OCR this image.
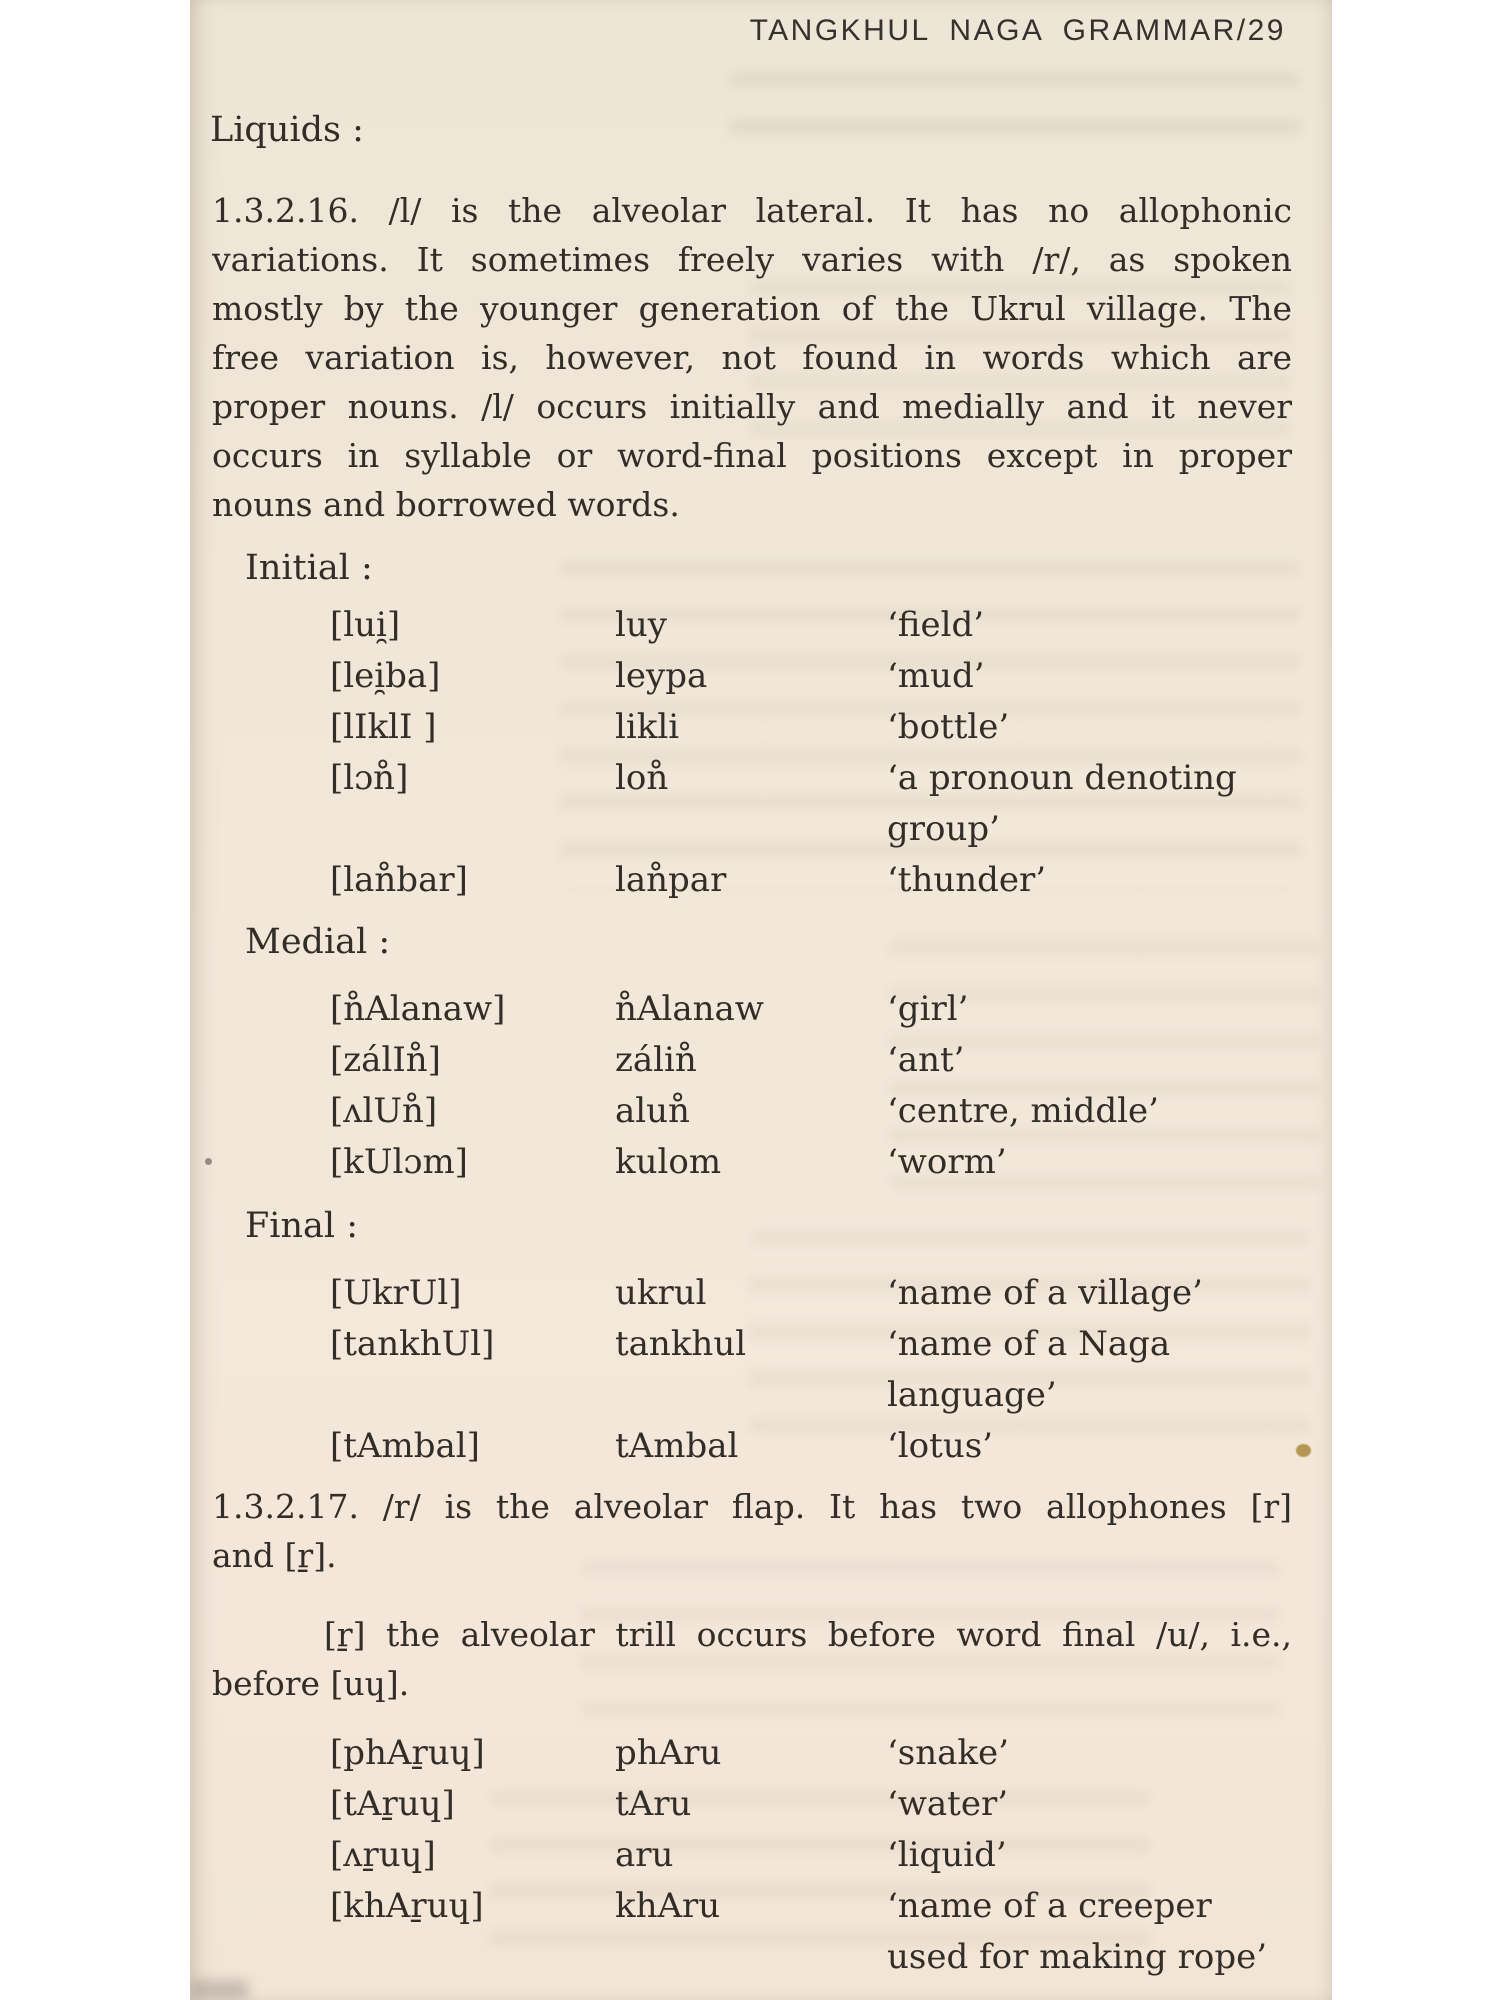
TANGKHUL NAGA GRAMMAR/29
Liquids :
1.3.2.16. /l/ is the alveolar lateral. It has no allophonic
variations. It sometimes freely varies with /r/, as spoken
mostly by the younger generation of the Ukrul village. The
free variation is, however, not found in words which are
proper nouns. /l/ occurs initially and medially and it never
occurs in syllable or word-final positions except in proper
nouns and borrowed words.
Initial :
[lui̯]	luy	‘field’
[lei̯ba]	leypa	‘mud’
[lIklI ]	likli	‘bottle’
[lɔn̊]	lon̊	‘a pronoun denoting group’
[lan̊bar]	lan̊par	‘thunder’
Medial :
[n̊Alanaw]	n̊Alanaw	‘girl’
[zálIn̊]	zálin̊	‘ant’
[ʌlUn̊]	alun̊	‘centre, middle’
[kUlɔm]	kulom	‘worm’
Final :
[UkrUl]	ukrul	‘name of a village’
[tankhUl]	tankhul	‘name of a Naga language’
[tAmbal]	tAmbal	‘lotus’
1.3.2.17. /r/ is the alveolar flap. It has two allophones [r]
and [ṟ].
[ṟ] the alveolar trill occurs before word final /u/, i.e.,
before [uɥ].
[phAṟuɥ]	phAru	‘snake’
[tAṟuɥ]	tAru	‘water’
[ʌṟuɥ]	aru	‘liquid’
[khAṟuɥ]	khAru	‘name of a creeper used for making rope’
